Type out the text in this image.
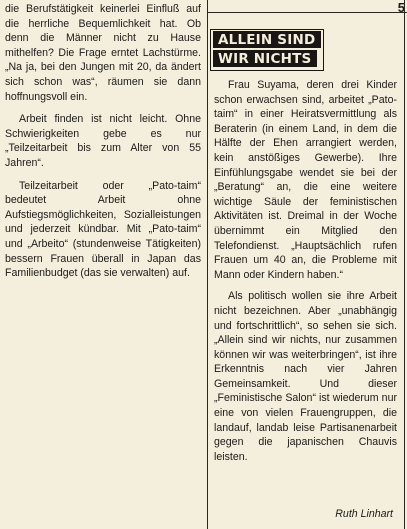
5

die Berufstätigkeit keinerlei Einfluß auf die herrliche Bequemlichkeit hat. Ob denn die Männer nicht zu Hause mithelfen? Die Frage erntet Lachstürme. „Na ja, bei den Jungen mit 20, da ändert sich schon was“, räumen sie dann hoffnungsvoll ein.

Arbeit finden ist nicht leicht. Ohne Schwierigkeiten gebe es nur „Teilzeitarbeit bis zum Alter von 55 Jahren“.

Teilzeitarbeit oder „Pato-taim“ bedeutet Arbeit ohne Aufstiegsmöglichkeiten, Sozialleistungen und jederzeit kündbar. Mit „Pato-taim“ und „Arbeito“ (stundenweise Tätigkeiten) bessern Frauen überall in Japan das Familienbudget (das sie verwalten) auf.

ALLEIN SIND
WIR NICHTS

Frau Suyama, deren drei Kinder schon erwachsen sind, arbeitet „Pato-taim“ in einer Heiratsvermittlung als Beraterin (in einem Land, in dem die Hälfte der Ehen arrangiert werden, kein anstößiges Gewerbe). Ihre Einfühlungsgabe wendet sie bei der „Beratung“ an, die eine weitere wichtige Säule der feministischen Aktivitäten ist. Dreimal in der Woche übernimmt ein Mitglied den Telefondienst. „Hauptsächlich rufen Frauen um 40 an, die Probleme mit Mann oder Kindern haben.“

Als politisch wollen sie ihre Arbeit nicht bezeichnen. Aber „unabhängig und fortschrittlich“, so sehen sie sich. „Allein sind wir nichts, nur zusammen können wir was weiterbringen“, ist ihre Erkenntnis nach vier Jahren Gemeinsamkeit. Und dieser „Feministische Salon“ ist wiederum nur eine von vielen Frauengruppen, die landauf, landab leise Partisanenarbeit gegen die japanischen Chauvis leisten.

Ruth Linhart
